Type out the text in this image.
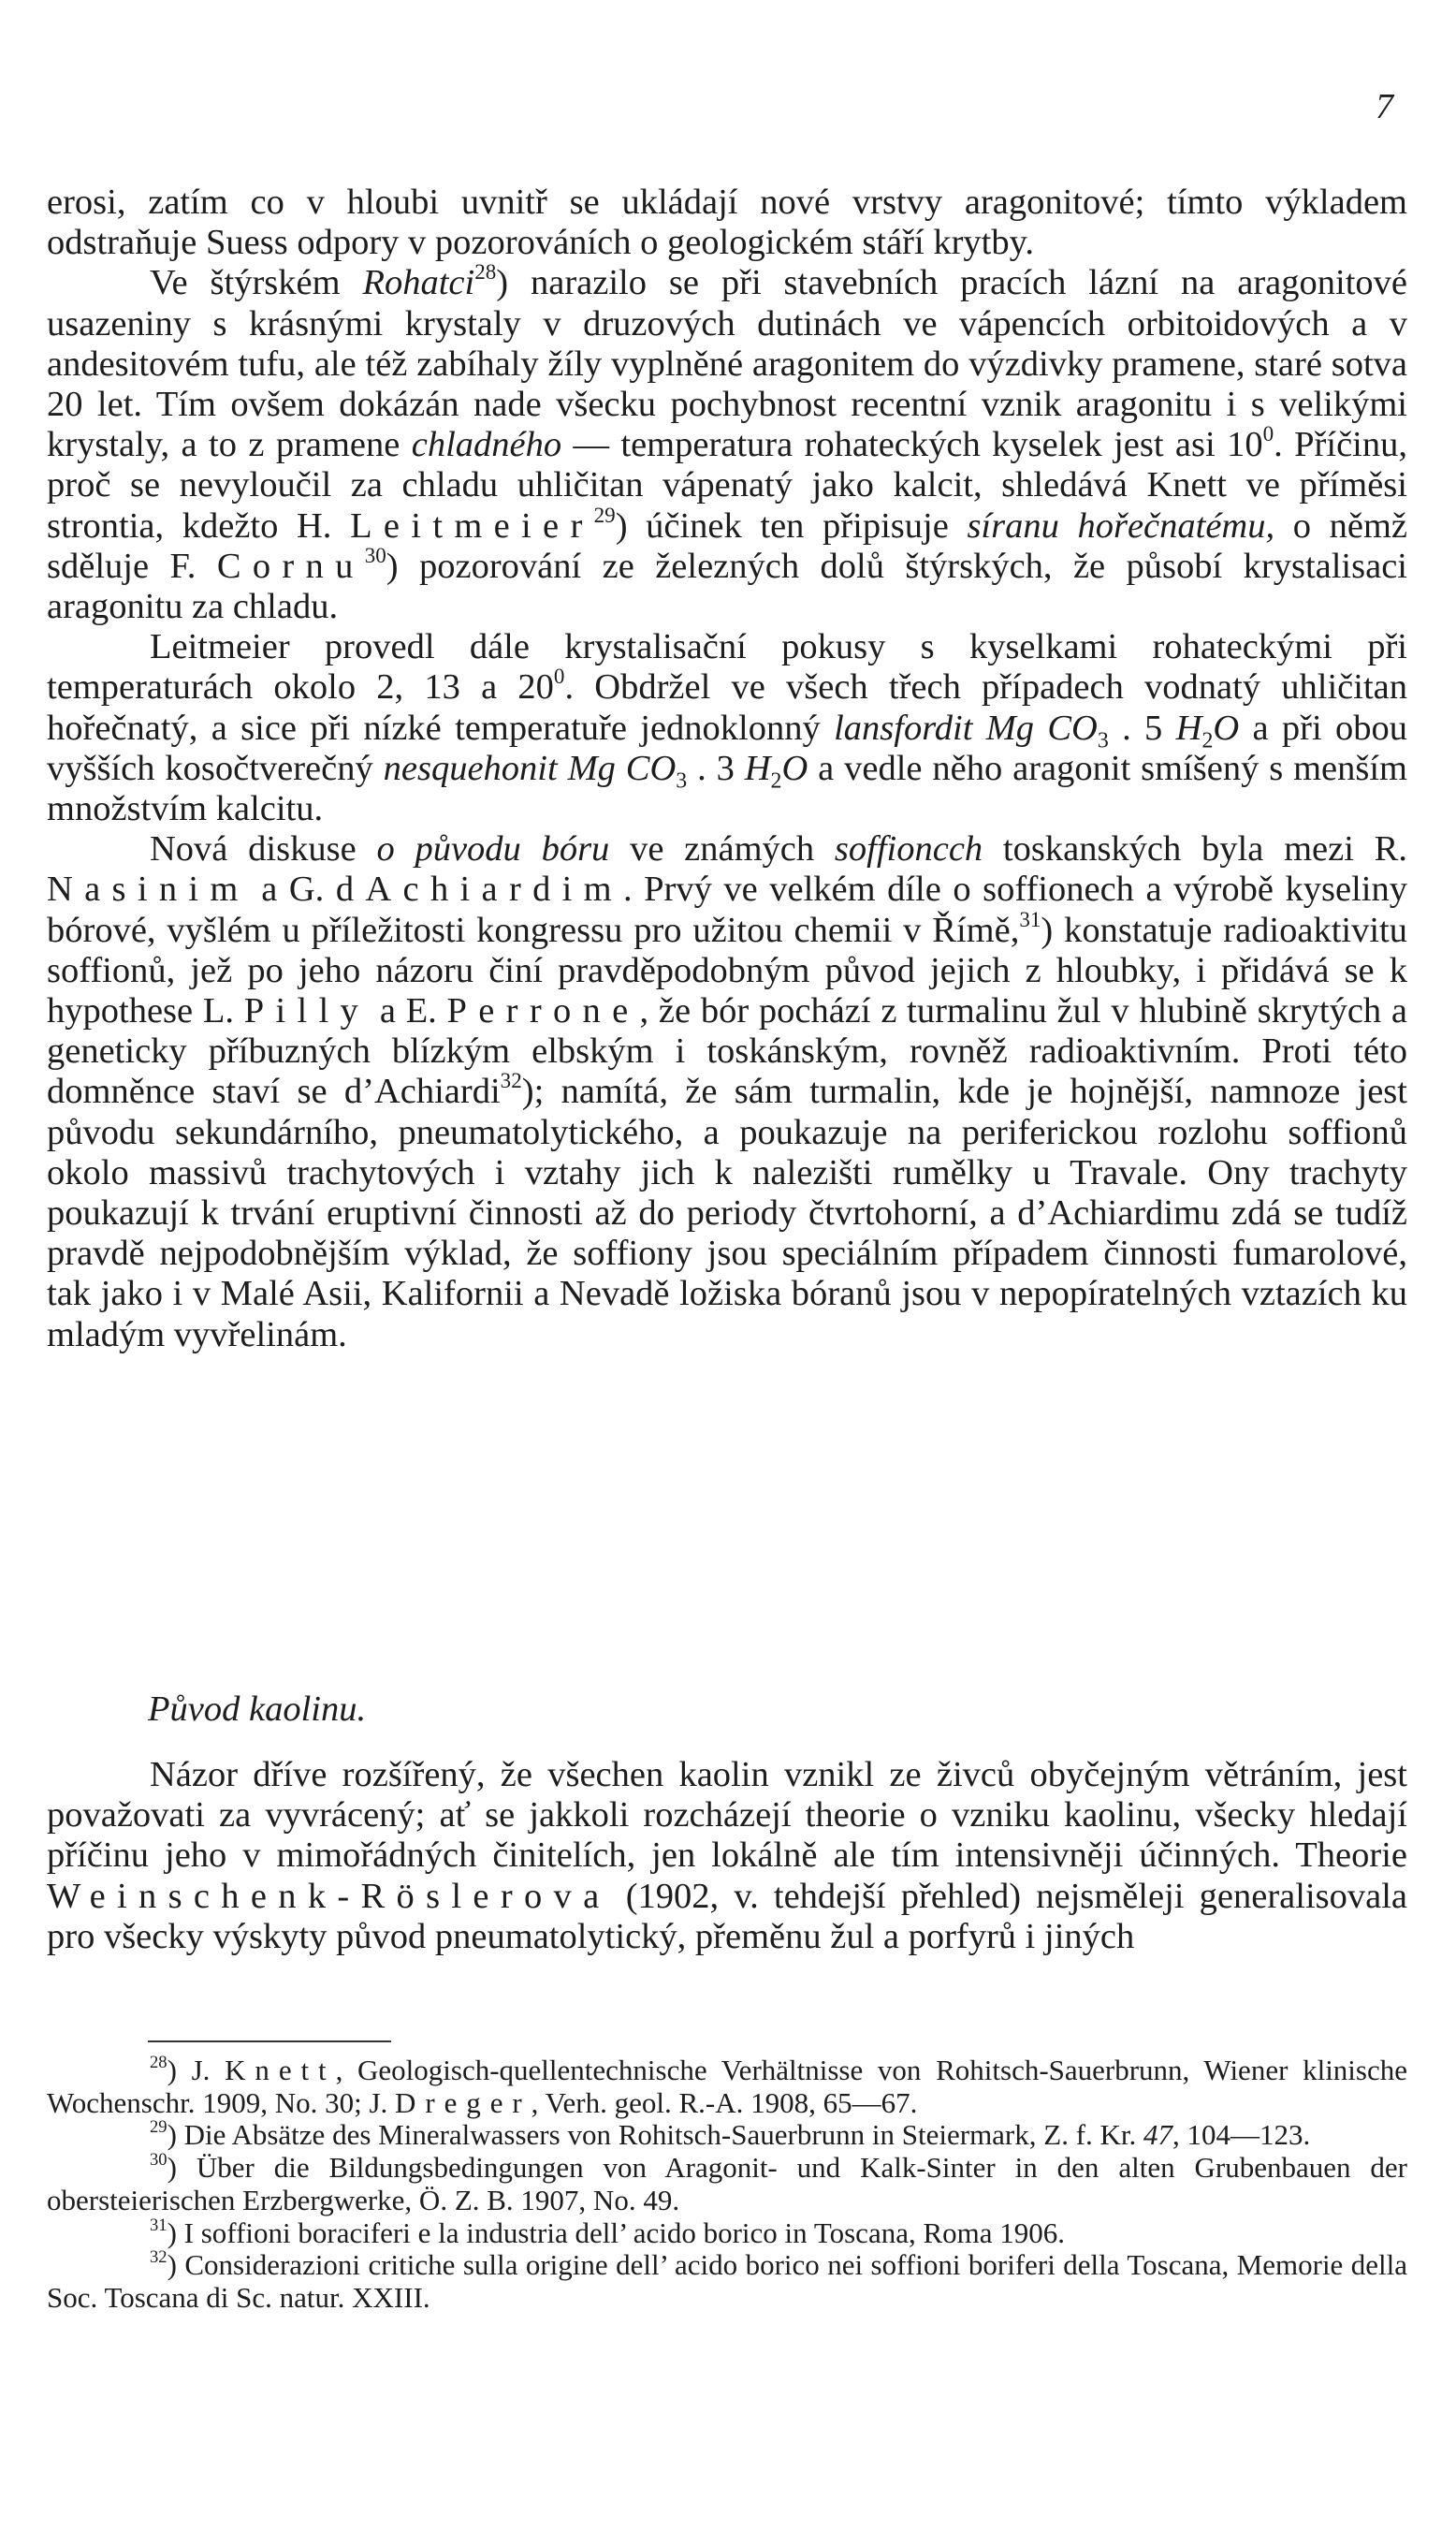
7

erosi, zatím co v hloubi uvnitř se ukládají nové vrstvy aragonitové; tímto výkladem odstraňuje Suess odpory v pozorováních o geologickém stáří krytby.

Ve štýrském Rohatci$^{28}$) narazilo se při stavebních pracích lázní na aragonitové usazeniny s krásnými krystaly v druzových dutinách ve vápencích orbitoidových a v andesitovém tufu, ale též zabíhaly žíly vyplněné aragonitem do výzdivky pramene, staré sotva 20 let. Tím ovšem dokázán nade všecku pochybnost recentní vznik aragonitu i s velikými krystaly, a to z pramene chladného — temperatura rohateckých kyselek jest asi $10^0$. Příčinu, proč se nevyloučil za chladu uhličitan vápenatý jako kalcit, shledává Knett ve příměsi strontia, kdežto H. Leitmeier$^{29}$) účinek ten připisuje síranu hořečnatému, o němž sděluje F. Cornu$^{30}$) pozorování ze železných dolů štýrských, že působí krystalisaci aragonitu za chladu.

Leitmeier provedl dále krystalisační pokusy s kyselkami rohateckými při temperaturách okolo 2, 13 a $20^0$. Obdržel ve všech třech případech vodnatý uhličitan hořečnatý, a sice při nízké temperatuře jednoklonný lansfordit Mg $CO_3$ . 5 $H_2O$ a při obou vyšších kosočtverečný nesquehonit Mg $CO_3$ . 3 $H_2O$ a vedle něho aragonit smíšený s menším množstvím kalcitu.

Nová diskuse o původu bóru ve známých soffioncch toskanských byla mezi R. Nasinim a G. dAchiardim. Prvý ve velkém díle o soffionech a výrobě kyseliny bórové, vyšlém u příležitosti kongressu pro užitou chemii v Římě,$^{31}$) konstatuje radioaktivitu soffionů, jež po jeho názoru činí pravděpodobným původ jejich z hloubky, i přidává se k hypothese L. Pilly a E. Perrone, že bór pochází z turmalinu žul v hlubině skrytých a geneticky příbuzných blízkým elbským i toskánským, rovněž radioaktivním. Proti této domněnce staví se d’Achiardi$^{32}$); namítá, že sám turmalin, kde je hojnější, namnoze jest původu sekundárního, pneumatolytického, a poukazuje na periferickou rozlohu soffionů okolo massivů trachytových i vztahy jich k nalezišti rumělky u Travale. Ony trachyty poukazují k trvání eruptivní činnosti až do periody čtvrtohorní, a d’Achiardimu zdá se tudíž pravdě nejpodobnějším výklad, že soffiony jsou speciálním případem činnosti fumarolové, tak jako i v Malé Asii, Kalifornii a Nevadě ložiska bóranů jsou v nepopíratelných vztazích ku mladým vyvřelinám.

Původ kaolinu.

Názor dříve rozšířený, že všechen kaolin vznikl ze živců obyčejným větráním, jest považovati za vyvrácený; ať se jakkoli rozcházejí theorie o vzniku kaolinu, všecky hledají příčinu jeho v mimořádných činitelích, jen lokálně ale tím intensivněji účinných. Theorie Weinschenk-Röslerova (1902, v. tehdejší přehled) nejsměleji generalisovala pro všecky výskyty původ pneumatolytický, přeměnu žul a porfyrů i jiných

$^{28}$) J. Knett, Geologisch-quellentechnische Verhältnisse von Rohitsch-Sauerbrunn, Wiener klinische Wochenschr. 1909, No. 30; J. Dreger, Verh. geol. R.-A. 1908, 65—67.

$^{29}$) Die Absätze des Mineralwassers von Rohitsch-Sauerbrunn in Steiermark, Z. f. Kr. 47, 104—123.

$^{30}$) Über die Bildungsbedingungen von Aragonit- und Kalk-Sinter in den alten Grubenbauen der obersteierischen Erzbergwerke, Ö. Z. B. 1907, No. 49.

$^{31}$) I soffioni boraciferi e la industria dell’ acido borico in Toscana, Roma 1906.

$^{32}$) Considerazioni critiche sulla origine dell’ acido borico nei soffioni boriferi della Toscana, Memorie della Soc. Toscana di Sc. natur. XXIII.
